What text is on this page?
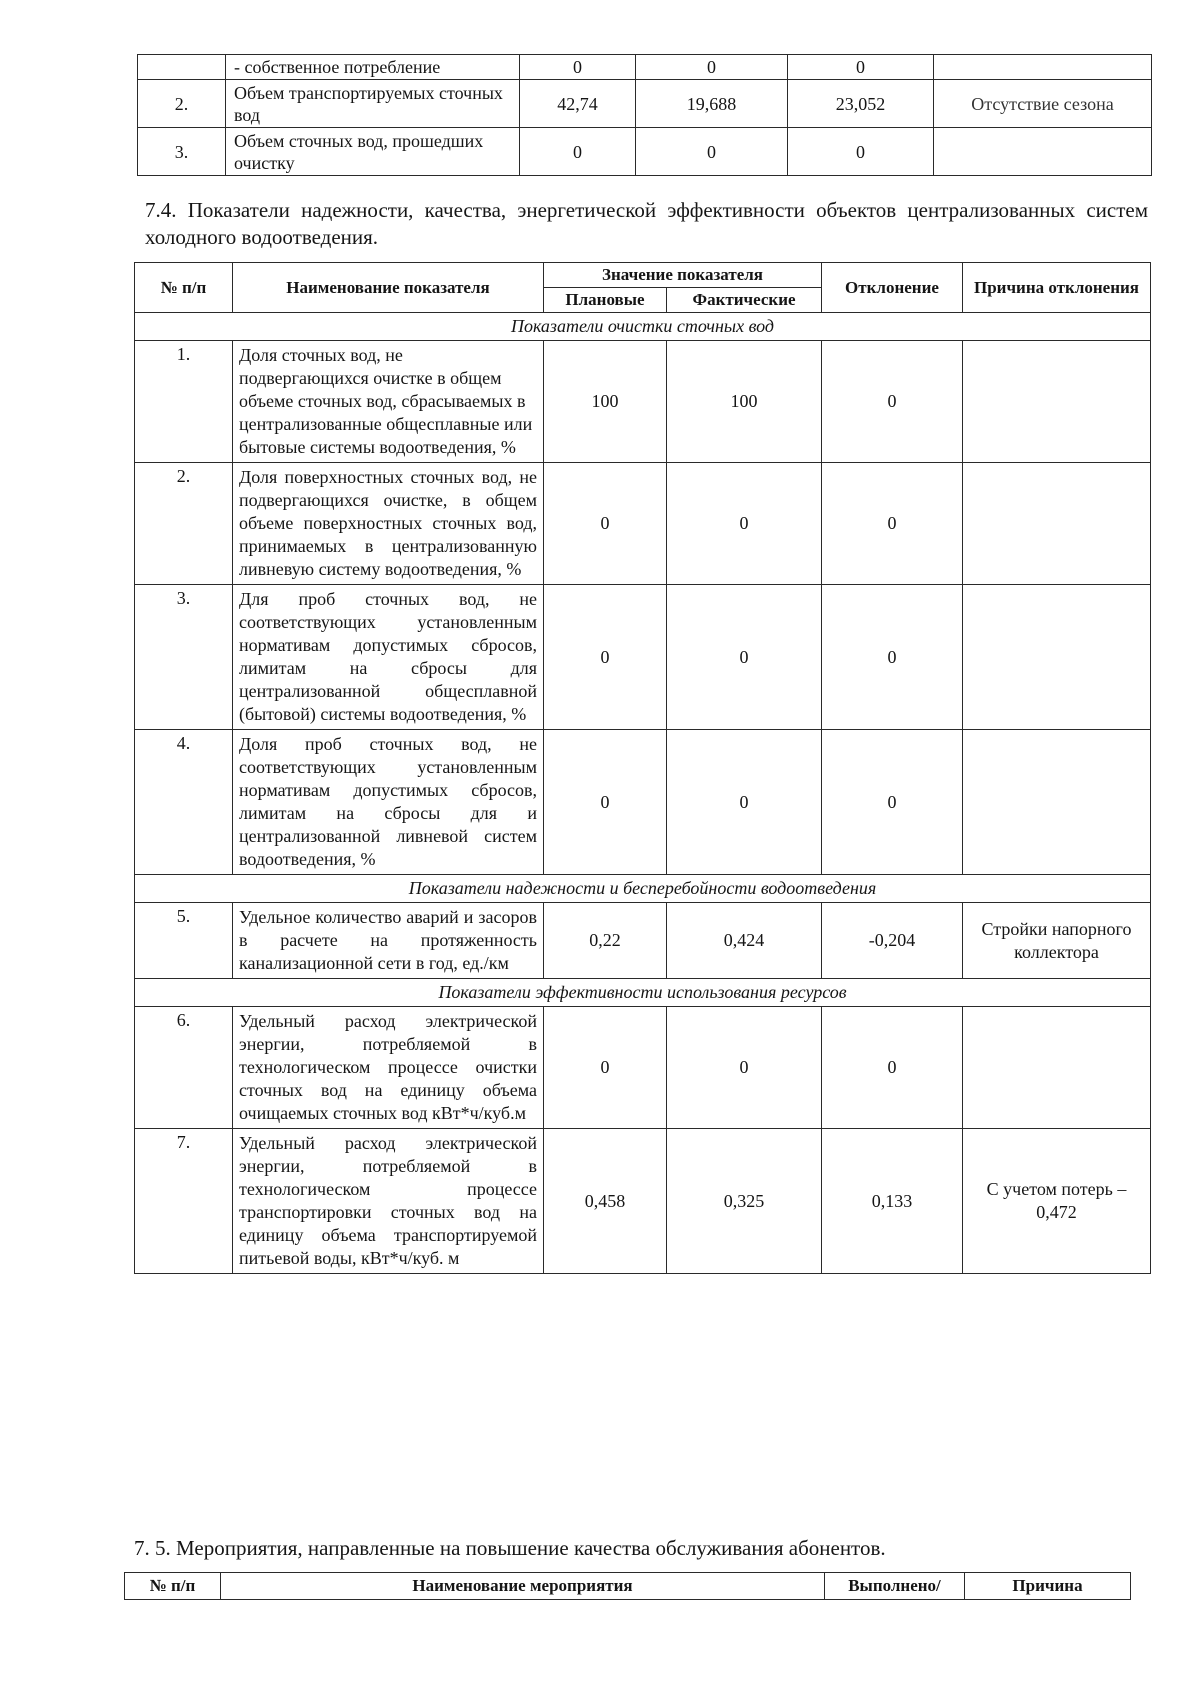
	- собственное потребление	0	0	0	
2.	Объем транспортируемых сточных вод	42,74	19,688	23,052	Отсутствие сезона
3.	Объем сточных вод, прошедших очистку	0	0	0	
7.4. Показатели надежности, качества, энергетической эффективности объектов централизованных систем холодного водоотведения.
№ п/п	Наименование показателя	Значение показателя		Отклонение	Причина отклонения
		Плановые	Фактические		
Показатели очистки сточных вод					
1.	Доля сточных вод, не подвергающихся очистке в общем объеме сточных вод, сбрасываемых в централизованные общесплавные или бытовые системы водоотведения, %	100	100	0	
2.	Доля поверхностных сточных вод, не подвергающихся очистке, в общем объеме поверхностных сточных вод, принимаемых в централизованную ливневую систему водоотведения, %	0	0	0	
3.	Для проб сточных вод, не соответствующих установленным нормативам допустимых сбросов, лимитам на сбросы для централизованной общесплавной (бытовой) системы водоотведения, %	0	0	0	
4.	Доля проб сточных вод, не соответствующих установленным нормативам допустимых сбросов, лимитам на сбросы для и централизованной ливневой систем водоотведения, %	0	0	0	
Показатели надежности и бесперебойности водоотведения					
5.	Удельное количество аварий и засоров в расчете на протяженность канализационной сети в год, ед./км	0,22	0,424	-0,204	Стройки напорного коллектора
Показатели эффективности использования ресурсов					
6.	Удельный расход электрической энергии, потребляемой в технологическом процессе очистки сточных вод на единицу объема очищаемых сточных вод кВт*ч/куб.м	0	0	0	
7.	Удельный расход электрической энергии, потребляемой в технологическом процессе транспортировки сточных вод на единицу объема транспортируемой питьевой воды, кВт*ч/куб. м	0,458	0,325	0,133	С учетом потерь – 0,472
7. 5. Мероприятия, направленные на повышение качества обслуживания абонентов.
№ п/п	Наименование мероприятия	Выполнено/	Причина
